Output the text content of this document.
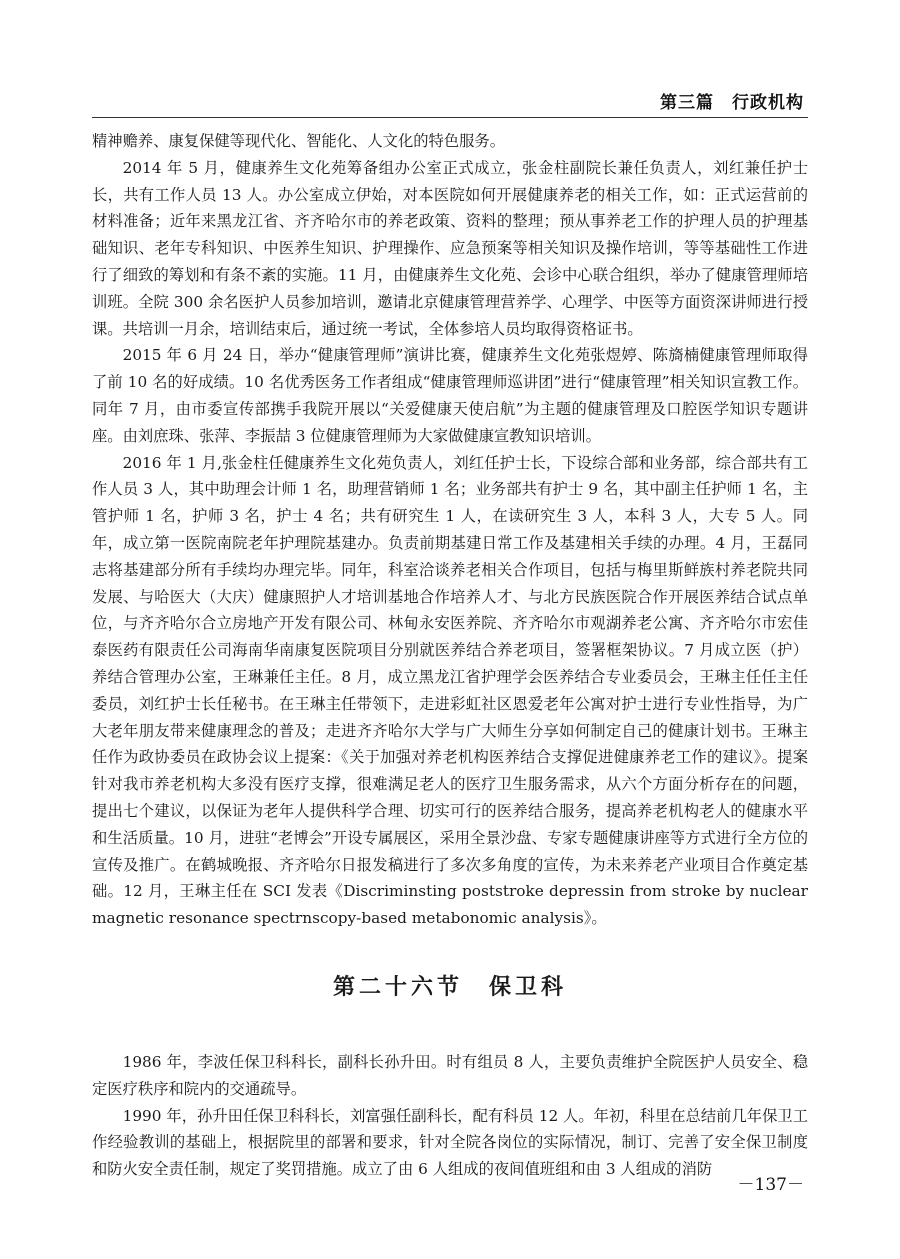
第三篇　行政机构

精神赡养、康复保健等现代化、智能化、人文化的特色服务。

2014 年 5 月，健康养生文化苑筹备组办公室正式成立，张金柱副院长兼任负责人，刘红兼任护士长，共有工作人员 13 人。办公室成立伊始，对本医院如何开展健康养老的相关工作，如：正式运营前的材料准备；近年来黑龙江省、齐齐哈尔市的养老政策、资料的整理；预从事养老工作的护理人员的护理基础知识、老年专科知识、中医养生知识、护理操作、应急预案等相关知识及操作培训，等等基础性工作进行了细致的筹划和有条不紊的实施。11 月，由健康养生文化苑、会诊中心联合组织，举办了健康管理师培训班。全院 300 余名医护人员参加培训，邀请北京健康管理营养学、心理学、中医等方面资深讲师进行授课。共培训一月余，培训结束后，通过统一考试，全体参培人员均取得资格证书。

2015 年 6 月 24 日，举办“健康管理师”演讲比赛，健康养生文化苑张煜婷、陈旖楠健康管理师取得了前 10 名的好成绩。10 名优秀医务工作者组成“健康管理师巡讲团”进行“健康管理”相关知识宣教工作。同年 7 月，由市委宣传部携手我院开展以“关爱健康天使启航”为主题的健康管理及口腔医学知识专题讲座。由刘庶珠、张萍、李振喆 3 位健康管理师为大家做健康宣教知识培训。

2016 年 1 月,张金柱任健康养生文化苑负责人，刘红任护士长，下设综合部和业务部，综合部共有工作人员 3 人，其中助理会计师 1 名，助理营销师 1 名；业务部共有护士 9 名，其中副主任护师 1 名，主管护师 1 名，护师 3 名，护士 4 名；共有研究生 1 人，在读研究生 3 人，本科 3 人，大专 5 人。同年，成立第一医院南院老年护理院基建办。负责前期基建日常工作及基建相关手续的办理。4 月，王磊同志将基建部分所有手续均办理完毕。同年，科室洽谈养老相关合作项目，包括与梅里斯鲜族村养老院共同发展、与哈医大（大庆）健康照护人才培训基地合作培养人才、与北方民族医院合作开展医养结合试点单位，与齐齐哈尔合立房地产开发有限公司、林甸永安医养院、齐齐哈尔市观湖养老公寓、齐齐哈尔市宏佳泰医药有限责任公司海南华南康复医院项目分别就医养结合养老项目，签署框架协议。7 月成立医（护）养结合管理办公室，王琳兼任主任。8 月，成立黑龙江省护理学会医养结合专业委员会，王琳主任任主任委员，刘红护士长任秘书。在王琳主任带领下，走进彩虹社区恩爱老年公寓对护士进行专业性指导，为广大老年朋友带来健康理念的普及；走进齐齐哈尔大学与广大师生分享如何制定自己的健康计划书。王琳主任作为政协委员在政协会议上提案：《关于加强对养老机构医养结合支撑促进健康养老工作的建议》。提案针对我市养老机构大多没有医疗支撑，很难满足老人的医疗卫生服务需求，从六个方面分析存在的问题，提出七个建议，以保证为老年人提供科学合理、切实可行的医养结合服务，提高养老机构老人的健康水平和生活质量。10 月，进驻“老博会”开设专属展区，采用全景沙盘、专家专题健康讲座等方式进行全方位的宣传及推广。在鹤城晚报、齐齐哈尔日报发稿进行了多次多角度的宣传，为未来养老产业项目合作奠定基础。12 月，王琳主任在 SCI 发表《Discriminsting poststroke depressin from stroke by nuclear magnetic resonance spectrnscopy-based metabonomic analysis》。

第二十六节　保卫科

1986 年，李波任保卫科科长，副科长孙升田。时有组员 8 人，主要负责维护全院医护人员安全、稳定医疗秩序和院内的交通疏导。

1990 年，孙升田任保卫科科长，刘富强任副科长，配有科员 12 人。年初，科里在总结前几年保卫工作经验教训的基础上，根据院里的部署和要求，针对全院各岗位的实际情况，制订、完善了安全保卫制度和防火安全责任制，规定了奖罚措施。成立了由 6 人组成的夜间值班组和由 3 人组成的消防

－137－
